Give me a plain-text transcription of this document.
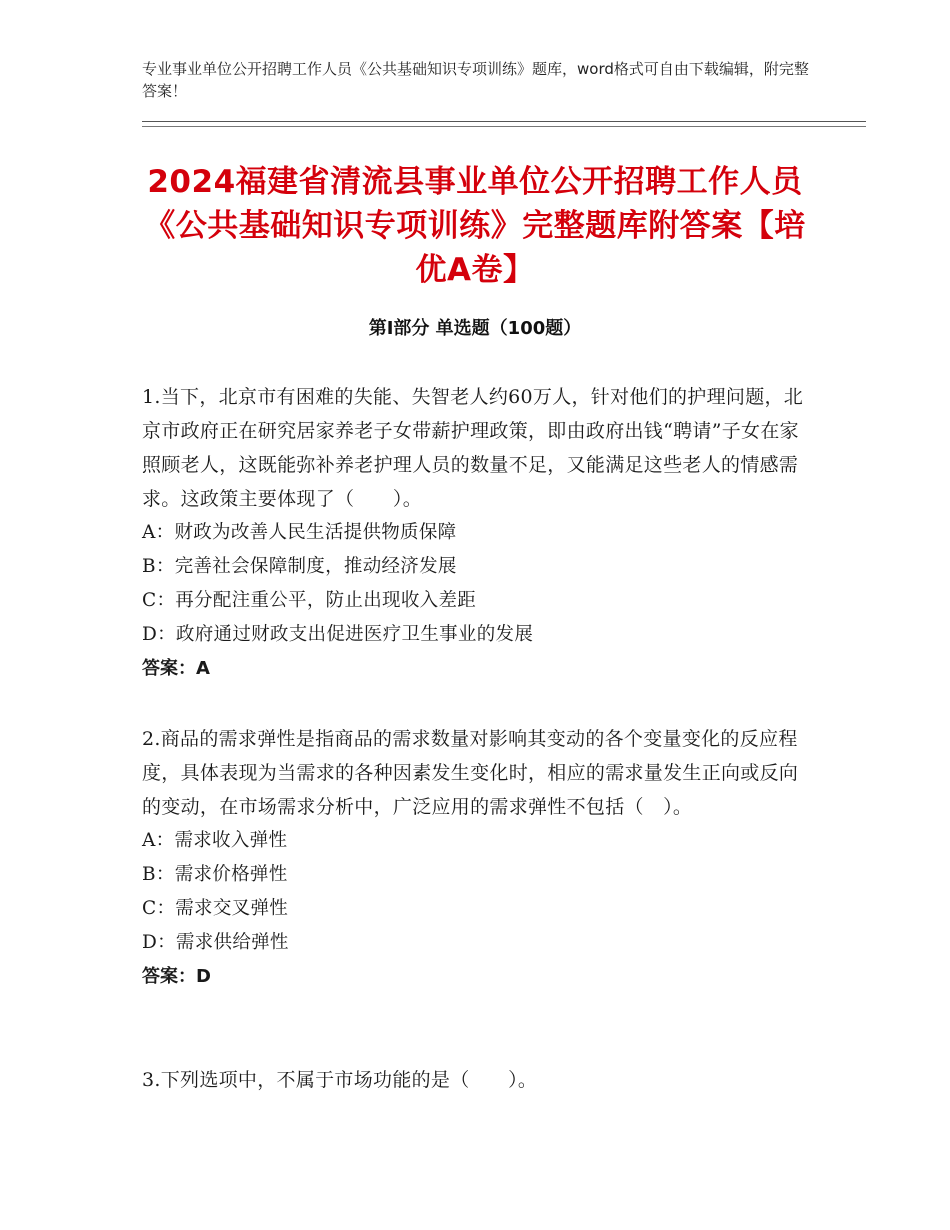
专业事业单位公开招聘工作人员《公共基础知识专项训练》题库，word格式可自由下载编辑，附完整答案！
2024福建省清流县事业单位公开招聘工作人员《公共基础知识专项训练》完整题库附答案【培优A卷】
第Ⅰ部分 单选题（100题）

1.当下，北京市有困难的失能、失智老人约60万人，针对他们的护理问题，北京市政府正在研究居家养老子女带薪护理政策，即由政府出钱“聘请”子女在家照顾老人，这既能弥补养老护理人员的数量不足，又能满足这些老人的情感需求。这政策主要体现了（　　）。

A：财政为改善人民生活提供物质保障

B：完善社会保障制度，推动经济发展

C：再分配注重公平，防止出现收入差距

D：政府通过财政支出促进医疗卫生事业的发展

答案：A

2.商品的需求弹性是指商品的需求数量对影响其变动的各个变量变化的反应程度，具体表现为当需求的各种因素发生变化时，相应的需求量发生正向或反向的变动，在市场需求分析中，广泛应用的需求弹性不包括（　）。

A：需求收入弹性

B：需求价格弹性

C：需求交叉弹性

D：需求供给弹性

答案：D

3.下列选项中，不属于市场功能的是（　　）。
